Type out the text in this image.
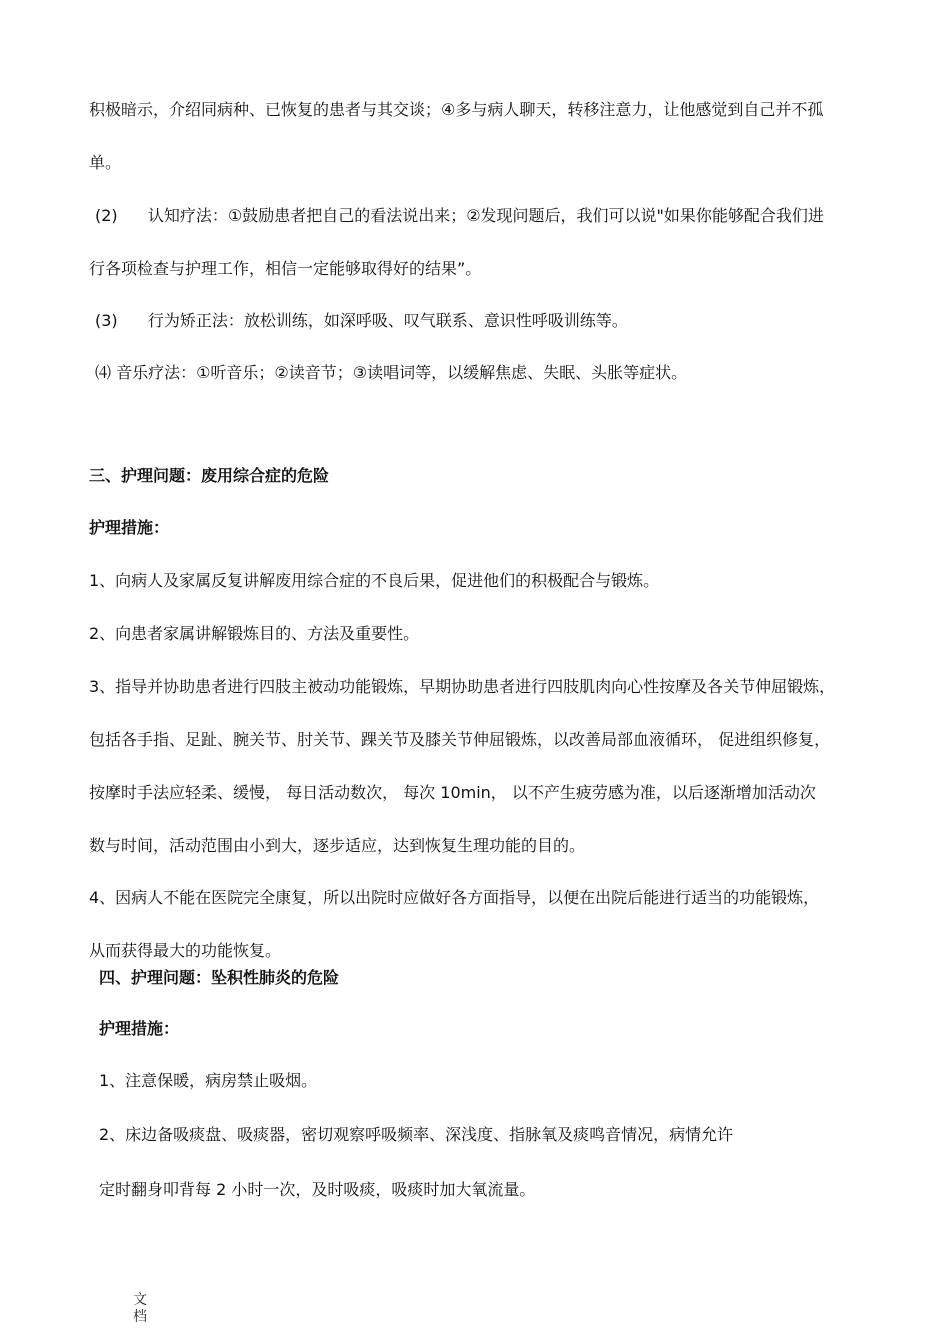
积极暗示，介绍同病种、已恢复的患者与其交谈；④多与病人聊天，转移注意力，让他感觉到自己并不孤
单。
(2) 认知疗法：①鼓励患者把自己的看法说出来；②发现问题后，我们可以说"如果你能够配合我们进
行各项检查与护理工作，相信一定能够取得好的结果”。
(3) 行为矫正法：放松训练，如深呼吸、叹气联系、意识性呼吸训练等。
⑷ 音乐疗法：①听音乐；②读音节；③读唱词等，以缓解焦虑、失眠、头胀等症状。
三、护理问题：废用综合症的危险
护理措施：
1、向病人及家属反复讲解废用综合症的不良后果，促进他们的积极配合与锻炼。
2、向患者家属讲解锻炼目的、方法及重要性。
3、指导并协助患者进行四肢主被动功能锻炼，早期协助患者进行四肢肌肉向心性按摩及各关节伸屈锻炼，
包括各手指、足趾、腕关节、肘关节、踝关节及膝关节伸屈锻炼，以改善局部血液循环， 促进组织修复，
按摩时手法应轻柔、缓慢， 每日活动数次， 每次 10min， 以不产生疲劳感为准，以后逐渐增加活动次
数与时间，活动范围由小到大，逐步适应，达到恢复生理功能的目的。
4、因病人不能在医院完全康复，所以出院时应做好各方面指导，以便在出院后能进行适当的功能锻炼，
从而获得最大的功能恢复。
四、护理问题：坠积性肺炎的危险
护理措施：
1、注意保暖，病房禁止吸烟。
2、床边备吸痰盘、吸痰器，密切观察呼吸频率、深浅度、指脉氧及痰鸣音情况，病情允许
定时翻身叩背每 2 小时一次，及时吸痰，吸痰时加大氧流量。
文档
